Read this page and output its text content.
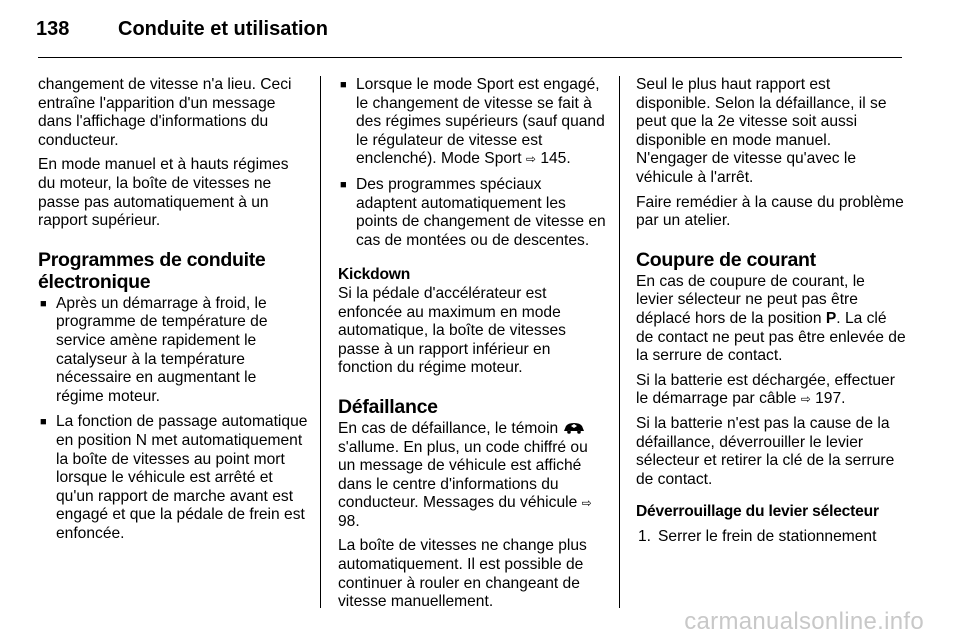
138 Conduite et utilisation

changement de vitesse n'a lieu. Ceci entraîne l'apparition d'un message dans l'affichage d'informations du conducteur.

En mode manuel et à hauts régimes du moteur, la boîte de vitesses ne passe pas automatiquement à un rapport supérieur.

Programmes de conduite électronique
■ Après un démarrage à froid, le programme de température de service amène rapidement le catalyseur à la température nécessaire en augmentant le régime moteur.
■ La fonction de passage automatique en position N met automatiquement la boîte de vitesses au point mort lorsque le véhicule est arrêté et qu'un rapport de marche avant est engagé et que la pédale de frein est enfoncée.
■ Lorsque le mode Sport est engagé, le changement de vitesse se fait à des régimes supérieurs (sauf quand le régulateur de vitesse est enclenché). Mode Sport ⇨ 145.
■ Des programmes spéciaux adaptent automatiquement les points de changement de vitesse en cas de montées ou de descentes.
Kickdown

Si la pédale d'accélérateur est enfoncée au maximum en mode automatique, la boîte de vitesses passe à un rapport inférieur en fonction du régime moteur.

Défaillance

En cas de défaillance, le témoin  s'allume. En plus, un code chiffré ou un message de véhicule est affiché dans le centre d'informations du conducteur. Messages du véhicule ⇨ 98.

La boîte de vitesses ne change plus automatiquement. Il est possible de continuer à rouler en changeant de vitesse manuellement.

Seul le plus haut rapport est disponible. Selon la défaillance, il se peut que la 2e vitesse soit aussi disponible en mode manuel. N'engager de vitesse qu'avec le véhicule à l'arrêt.

Faire remédier à la cause du problème par un atelier.

Coupure de courant

En cas de coupure de courant, le levier sélecteur ne peut pas être déplacé hors de la position P. La clé de contact ne peut pas être enlevée de la serrure de contact.

Si la batterie est déchargée, effectuer le démarrage par câble ⇨ 197.

Si la batterie n'est pas la cause de la défaillance, déverrouiller le levier sélecteur et retirer la clé de la serrure de contact.

Déverrouillage du levier sélecteur
1. Serrer le frein de stationnement
carmanualsonline.info
